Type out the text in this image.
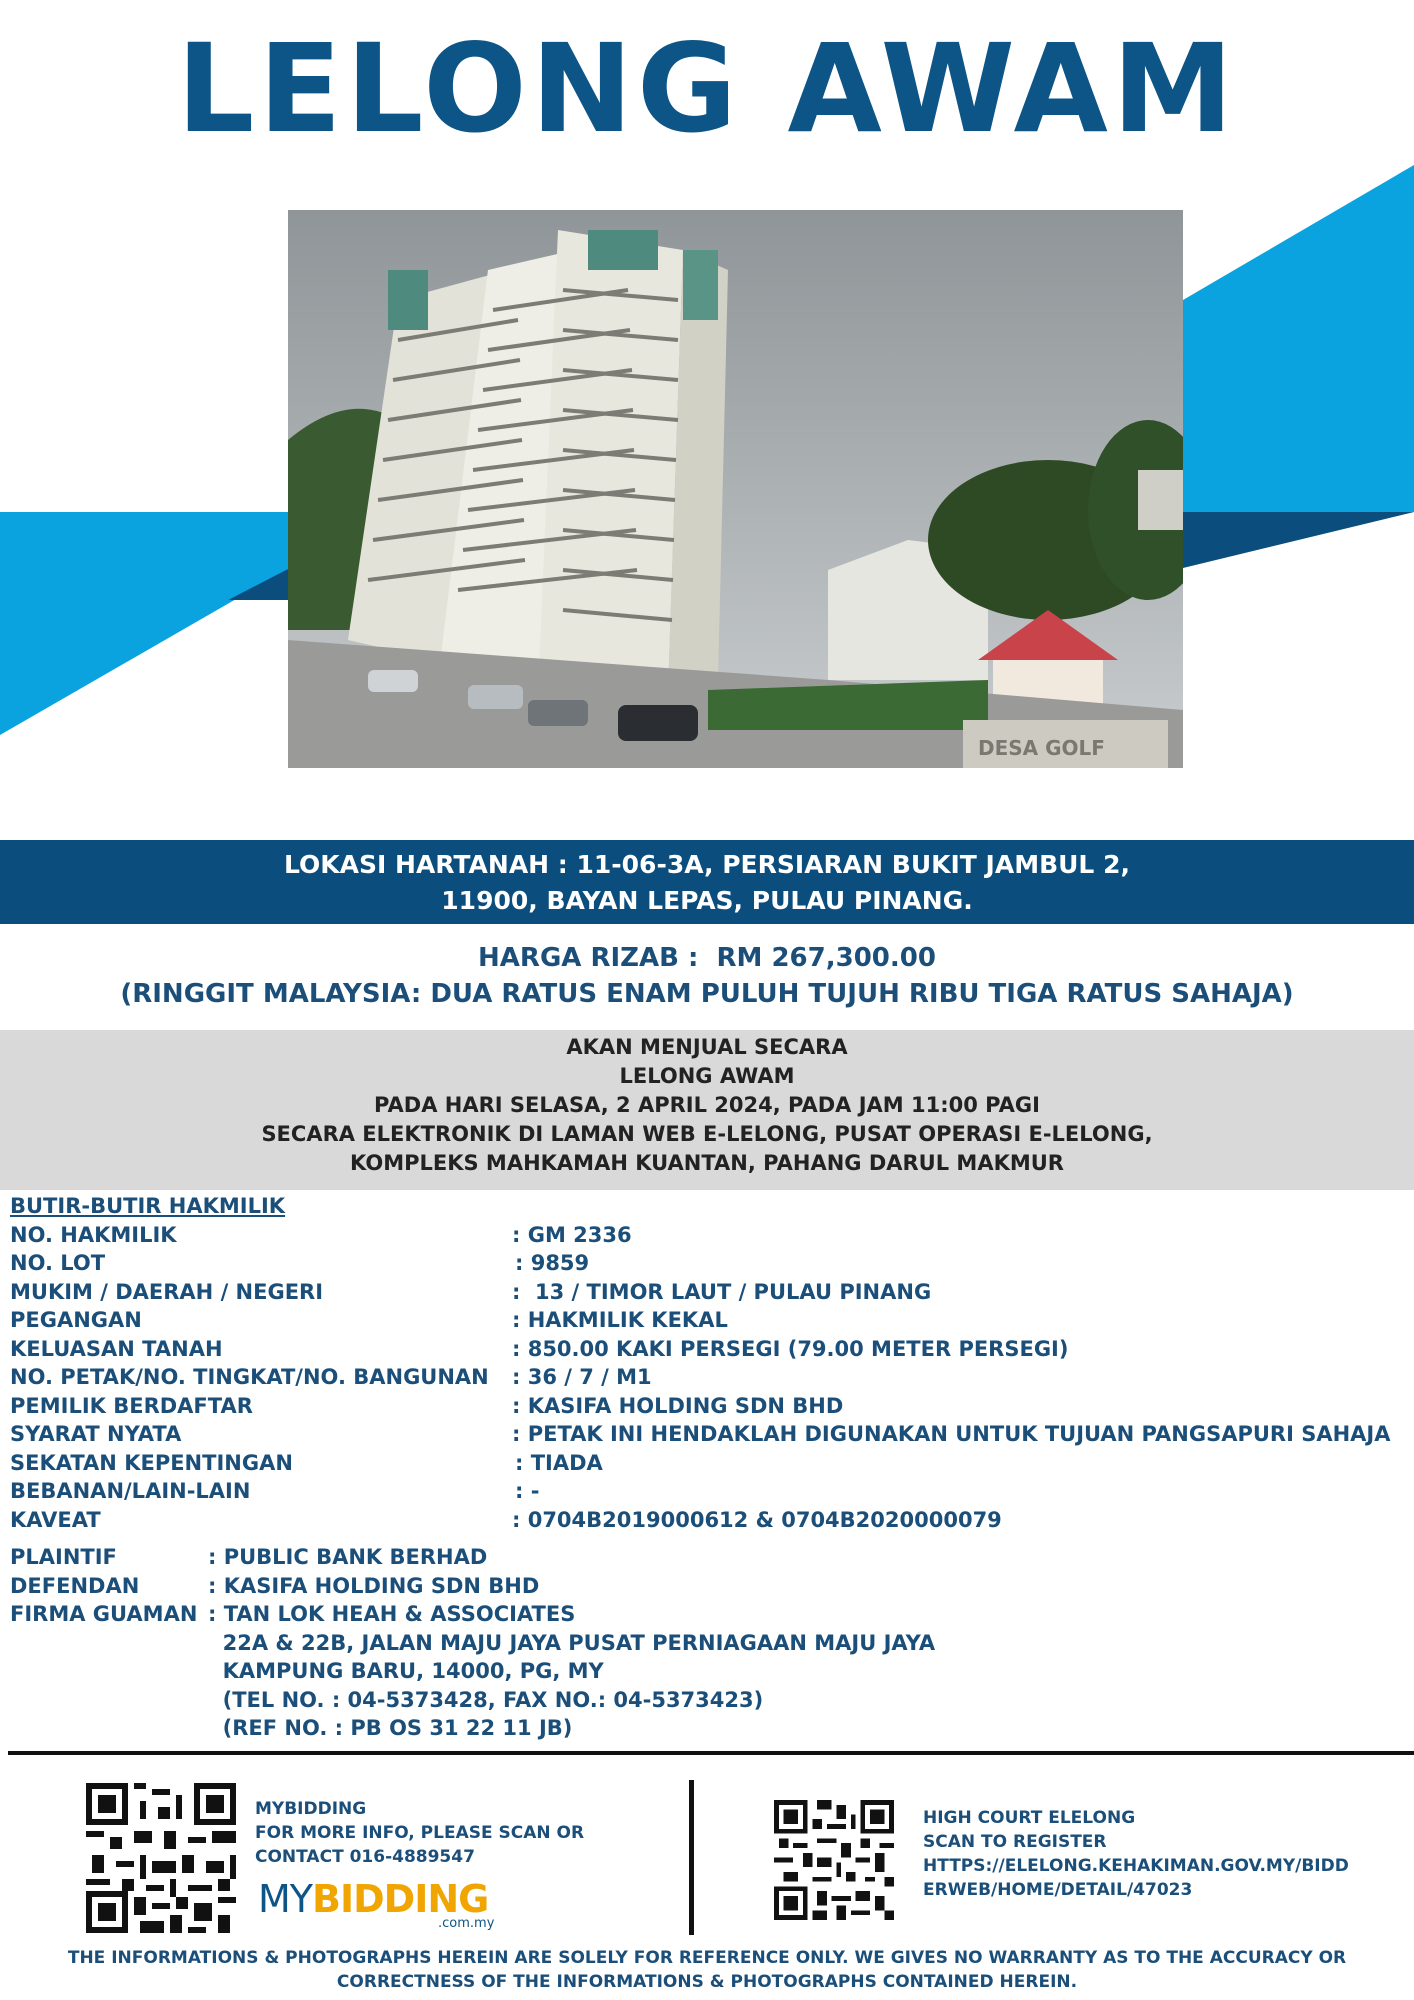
LELONG AWAM
DESA GOLF
LOKASI HARTANAH : 11-06-3A, PERSIARAN BUKIT JAMBUL 2,
11900, BAYAN LEPAS, PULAU PINANG.
HARGA RIZAB :  RM 267,300.00
(RINGGIT MALAYSIA: DUA RATUS ENAM PULUH TUJUH RIBU TIGA RATUS SAHAJA)
AKAN MENJUAL SECARA
LELONG AWAM
PADA HARI SELASA, 2 APRIL 2024, PADA JAM 11:00 PAGI
SECARA ELEKTRONIK DI LAMAN WEB E-LELONG, PUSAT OPERASI E-LELONG,
KOMPLEKS MAHKAMAH KUANTAN, PAHANG DARUL MAKMUR
BUTIR-BUTIR HAKMILIK
NO. HAKMILIK	: GM 2336
NO. LOT	: 9859
MUKIM / DAERAH / NEGERI	:  13 / TIMOR LAUT / PULAU PINANG
PEGANGAN	: HAKMILIK KEKAL
KELUASAN TANAH	: 850.00 KAKI PERSEGI (79.00 METER PERSEGI)
NO. PETAK/NO. TINGKAT/NO. BANGUNAN : 36 / 7 / M1
PEMILIK BERDAFTAR	: KASIFA HOLDING SDN BHD
SYARAT NYATA	: PETAK INI HENDAKLAH DIGUNAKAN UNTUK TUJUAN PANGSAPURI SAHAJA
SEKATAN KEPENTINGAN	: TIADA
BEBANAN/LAIN-LAIN	: -
KAVEAT	: 0704B2019000612 & 0704B2020000079
PLAINTIF	: PUBLIC BANK BERHAD
DEFENDAN	: KASIFA HOLDING SDN BHD
FIRMA GUAMAN : TAN LOK HEAH & ASSOCIATES
22A & 22B, JALAN MAJU JAYA PUSAT PERNIAGAAN MAJU JAYA
KAMPUNG BARU, 14000, PG, MY
(TEL NO. : 04-5373428, FAX NO.: 04-5373423)
(REF NO. : PB OS 31 22 11 JB)
MYBIDDING
FOR MORE INFO, PLEASE SCAN OR
CONTACT 016-4889547
MYBIDDING
.com.my
HIGH COURT ELELONG
SCAN TO REGISTER
HTTPS://ELELONG.KEHAKIMAN.GOV.MY/BIDD
ERWEB/HOME/DETAIL/47023
THE INFORMATIONS & PHOTOGRAPHS HEREIN ARE SOLELY FOR REFERENCE ONLY. WE GIVES NO WARRANTY AS TO THE ACCURACY OR
CORRECTNESS OF THE INFORMATIONS & PHOTOGRAPHS CONTAINED HEREIN.
